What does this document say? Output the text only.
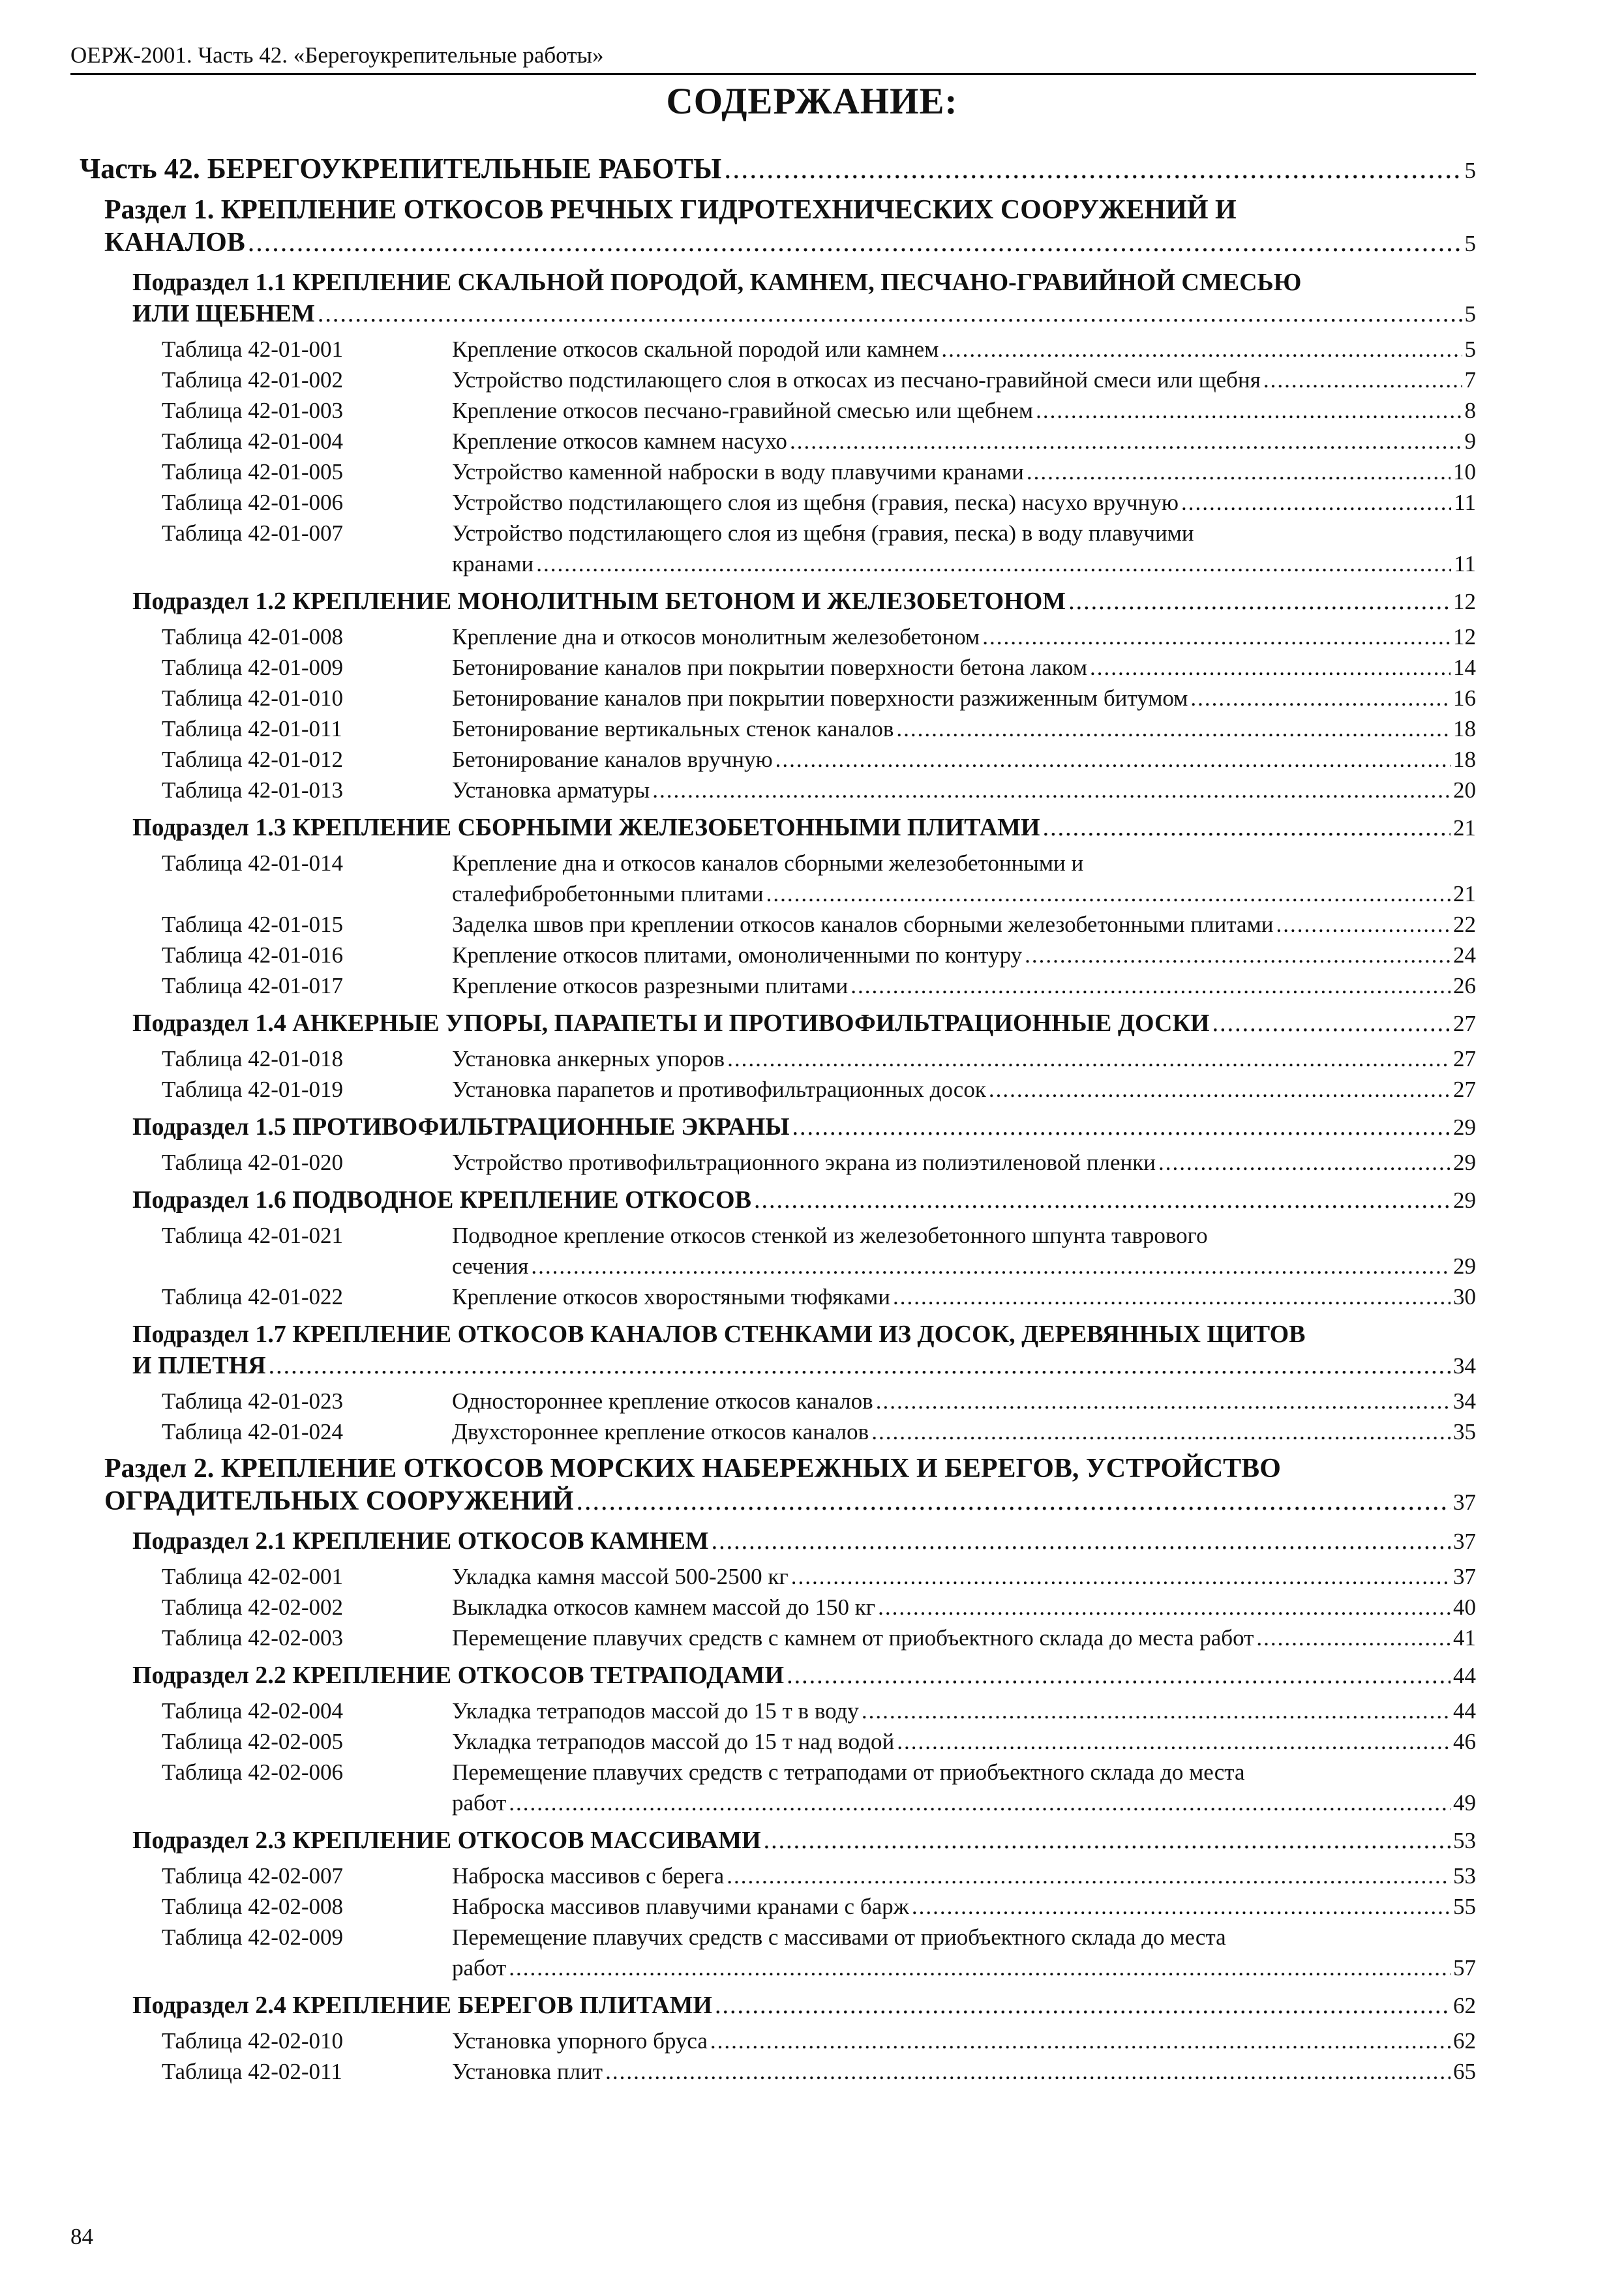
ОЕРЖ-2001. Часть 42. «Берегоукрепительные работы»
СОДЕРЖАНИЕ:
Часть 42. БЕРЕГОУКРЕПИТЕЛЬНЫЕ РАБОТЫ .....	5
Раздел 1. КРЕПЛЕНИЕ ОТКОСОВ РЕЧНЫХ ГИДРОТЕХНИЧЕСКИХ СООРУЖЕНИЙ И
КАНАЛОВ .....	5
Подраздел 1.1 КРЕПЛЕНИЕ СКАЛЬНОЙ ПОРОДОЙ, КАМНЕМ, ПЕСЧАНО-ГРАВИЙНОЙ СМЕСЬЮ
ИЛИ ЩЕБНЕМ .....	5
Таблица 42-01-001	Крепление откосов скальной породой или камнем .....	5
Таблица 42-01-002	Устройство подстилающего слоя в откосах из песчано-гравийной смеси или щебня .....	7
Таблица 42-01-003	Крепление откосов песчано-гравийной смесью или щебнем .....	8
Таблица 42-01-004	Крепление откосов камнем насухо .....	9
Таблица 42-01-005	Устройство каменной наброски в воду плавучими кранами .....	10
Таблица 42-01-006	Устройство подстилающего слоя из щебня (гравия, песка) насухо вручную .....	11
Таблица 42-01-007	Устройство подстилающего слоя из щебня (гравия, песка) в воду плавучими
кранами .....	11
Подраздел 1.2 КРЕПЛЕНИЕ МОНОЛИТНЫМ БЕТОНОМ И ЖЕЛЕЗОБЕТОНОМ .....	12
Таблица 42-01-008	Крепление дна и откосов монолитным железобетоном .....	12
Таблица 42-01-009	Бетонирование каналов при покрытии поверхности бетона лаком .....	14
Таблица 42-01-010	Бетонирование каналов при покрытии поверхности разжиженным битумом .....	16
Таблица 42-01-011	Бетонирование вертикальных стенок каналов .....	18
Таблица 42-01-012	Бетонирование каналов вручную .....	18
Таблица 42-01-013	Установка арматуры .....	20
Подраздел 1.3 КРЕПЛЕНИЕ СБОРНЫМИ ЖЕЛЕЗОБЕТОННЫМИ ПЛИТАМИ .....	21
Таблица 42-01-014	Крепление дна и откосов каналов сборными железобетонными и
сталефибробетонными плитами .....	21
Таблица 42-01-015	Заделка швов при креплении откосов каналов сборными железобетонными плитами .....	22
Таблица 42-01-016	Крепление откосов плитами, омоноличенными по контуру .....	24
Таблица 42-01-017	Крепление откосов разрезными плитами .....	26
Подраздел 1.4 АНКЕРНЫЕ УПОРЫ, ПАРАПЕТЫ И ПРОТИВОФИЛЬТРАЦИОННЫЕ ДОСКИ .....	27
Таблица 42-01-018	Установка анкерных упоров .....	27
Таблица 42-01-019	Установка парапетов и противофильтрационных досок .....	27
Подраздел 1.5 ПРОТИВОФИЛЬТРАЦИОННЫЕ ЭКРАНЫ .....	29
Таблица 42-01-020	Устройство противофильтрационного экрана из полиэтиленовой пленки .....	29
Подраздел 1.6 ПОДВОДНОЕ КРЕПЛЕНИЕ ОТКОСОВ .....	29
Таблица 42-01-021	Подводное крепление откосов стенкой из железобетонного шпунта таврового
сечения .....	29
Таблица 42-01-022	Крепление откосов хворостяными тюфяками .....	30
Подраздел 1.7 КРЕПЛЕНИЕ ОТКОСОВ КАНАЛОВ СТЕНКАМИ ИЗ ДОСОК, ДЕРЕВЯННЫХ ЩИТОВ
И ПЛЕТНЯ .....	34
Таблица 42-01-023	Одностороннее крепление откосов каналов .....	34
Таблица 42-01-024	Двухстороннее крепление откосов каналов .....	35
Раздел 2. КРЕПЛЕНИЕ ОТКОСОВ МОРСКИХ НАБЕРЕЖНЫХ И БЕРЕГОВ, УСТРОЙСТВО
ОГРАДИТЕЛЬНЫХ СООРУЖЕНИЙ .....	37
Подраздел 2.1 КРЕПЛЕНИЕ ОТКОСОВ КАМНЕМ .....	37
Таблица 42-02-001	Укладка камня массой 500-2500 кг .....	37
Таблица 42-02-002	Выкладка откосов камнем массой до 150 кг .....	40
Таблица 42-02-003	Перемещение плавучих средств с камнем от приобъектного склада до места работ .....	41
Подраздел 2.2 КРЕПЛЕНИЕ ОТКОСОВ ТЕТРАПОДАМИ .....	44
Таблица 42-02-004	Укладка тетраподов массой до 15 т в воду .....	44
Таблица 42-02-005	Укладка тетраподов массой до 15 т над водой .....	46
Таблица 42-02-006	Перемещение плавучих средств с тетраподами от приобъектного склада до места
работ .....	49
Подраздел 2.3 КРЕПЛЕНИЕ ОТКОСОВ МАССИВАМИ .....	53
Таблица 42-02-007	Наброска массивов с берега .....	53
Таблица 42-02-008	Наброска массивов плавучими кранами с барж .....	55
Таблица 42-02-009	Перемещение плавучих средств с массивами от приобъектного склада до места
работ .....	57
Подраздел 2.4 КРЕПЛЕНИЕ БЕРЕГОВ ПЛИТАМИ .....	62
Таблица 42-02-010	Установка упорного бруса .....	62
Таблица 42-02-011	Установка плит .....	65
84
